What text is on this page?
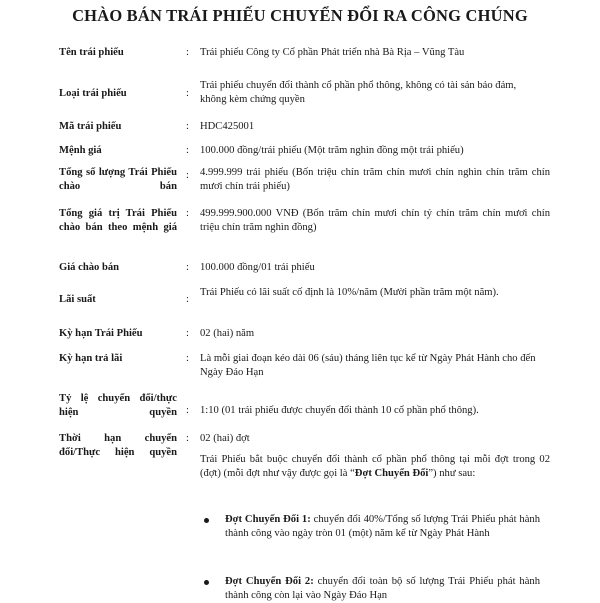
CHÀO BÁN TRÁI PHIẾU CHUYỂN ĐỔI RA CÔNG CHÚNG
Tên trái phiếu	: Trái phiếu Công ty Cổ phần Phát triển nhà Bà Rịa – Vũng Tàu
Loại trái phiếu	:
Trái phiếu chuyển đổi thành cổ phần phổ thông, không có tài sản bảo đảm, không kèm chứng quyền
Mã trái phiếu	: HDC425001
Mệnh giá	: 100.000 đồng/trái phiếu (Một trăm nghìn đồng một trái phiếu)
Tổng số lượng Trái Phiếu chào bán
: 4.999.999 trái phiếu (Bốn triệu chín trăm chín mươi chín nghìn chín trăm chín mươi chín trái phiếu)
Tổng giá trị Trái Phiếu chào bán theo mệnh giá
: 499.999.900.000 VNĐ (Bốn trăm chín mươi chín tỷ chín trăm chín mươi chín triệu chín trăm nghìn đồng)
Giá chào bán	: 100.000 đồng/01 trái phiếu
Lãi suất	:
Trái Phiếu có lãi suất cố định là 10%/năm (Mười phần trăm một năm).
Kỳ hạn Trái Phiếu	: 02 (hai) năm
Kỳ hạn trả lãi	: Là mỗi giai đoạn kéo dài 06 (sáu) tháng liên tục kể từ Ngày Phát Hành cho đến Ngày Đáo Hạn
Tỷ lệ chuyển đổi/thực hiện quyền : 1:10 (01 trái phiếu được chuyển đổi thành 10 cổ phần phổ thông).
Thời hạn chuyển đổi/Thực hiện quyền
: 02 (hai) đợt
Trái Phiếu bắt buộc chuyển đổi thành cổ phần phổ thông tại mỗi đợt trong 02 (đợt) (mỗi đợt như vậy được gọi là “Đợt Chuyển Đổi”) như sau:
Đợt Chuyển Đổi 1: chuyển đổi 40%/Tổng số lượng Trái Phiếu phát hành thành công vào ngày tròn 01 (một) năm kể từ Ngày Phát Hành
Đợt Chuyển Đổi 2: chuyển đổi toàn bộ số lượng Trái Phiếu phát hành thành công còn lại vào Ngày Đáo Hạn
